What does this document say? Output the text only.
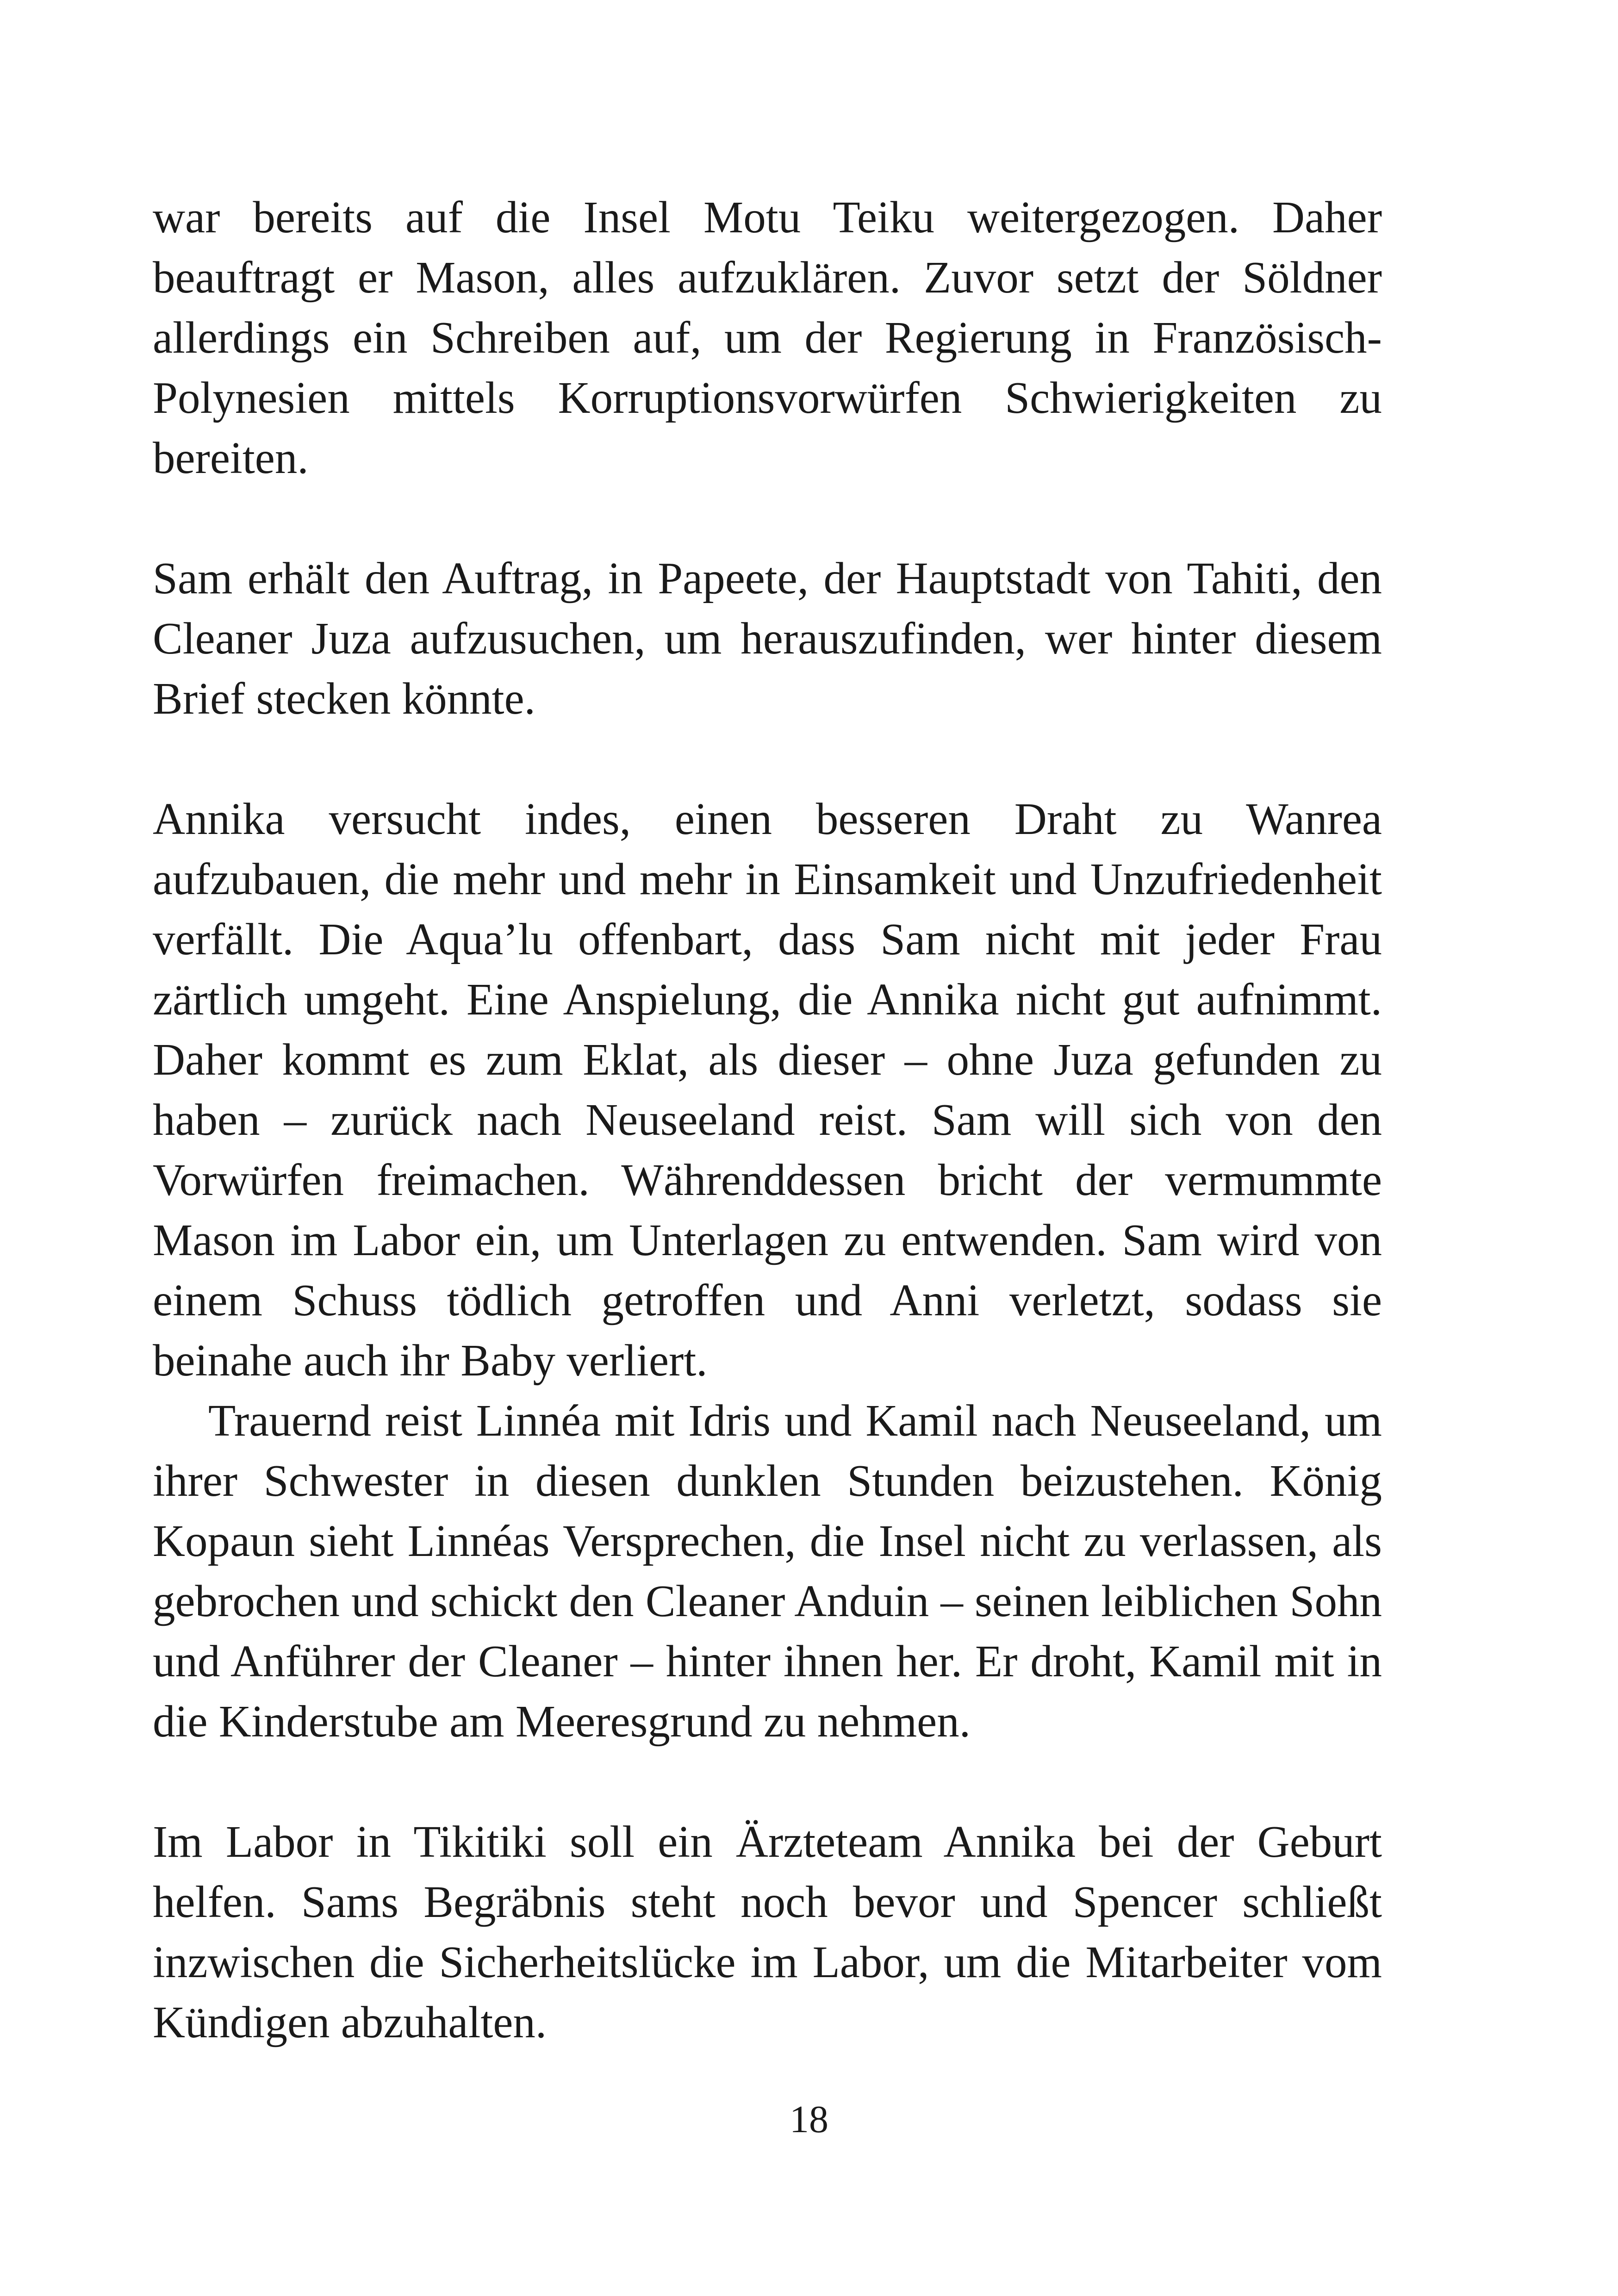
war bereits auf die Insel Motu Teiku weitergezogen. Daher beauftragt er Mason, alles aufzuklären. Zuvor setzt der Söldner allerdings ein Schreiben auf, um der Regierung in Französisch-Polynesien mittels Korruptionsvorwürfen Schwierigkeiten zu bereiten.

Sam erhält den Auftrag, in Papeete, der Hauptstadt von Tahiti, den Cleaner Juza aufzusuchen, um herauszufinden, wer hinter diesem Brief stecken könnte.

Annika versucht indes, einen besseren Draht zu Wanrea aufzubauen, die mehr und mehr in Einsamkeit und Unzufriedenheit verfällt. Die Aqua’lu offenbart, dass Sam nicht mit jeder Frau zärtlich umgeht. Eine Anspielung, die Annika nicht gut aufnimmt. Daher kommt es zum Eklat, als dieser – ohne Juza gefunden zu haben – zurück nach Neuseeland reist. Sam will sich von den Vorwürfen freimachen. Währenddessen bricht der vermummte Mason im Labor ein, um Unterlagen zu entwenden. Sam wird von einem Schuss tödlich getroffen und Anni verletzt, sodass sie beinahe auch ihr Baby verliert.

Trauernd reist Linnéa mit Idris und Kamil nach Neuseeland, um ihrer Schwester in diesen dunklen Stunden beizustehen. König Kopaun sieht Linnéas Versprechen, die Insel nicht zu verlassen, als gebrochen und schickt den Cleaner Anduin – seinen leiblichen Sohn und Anführer der Cleaner – hinter ihnen her. Er droht, Kamil mit in die Kinderstube am Meeresgrund zu nehmen.

Im Labor in Tikitiki soll ein Ärzteteam Annika bei der Geburt helfen. Sams Begräbnis steht noch bevor und Spencer schließt inzwischen die Sicherheitslücke im Labor, um die Mitarbeiter vom Kündigen abzuhalten.

18
